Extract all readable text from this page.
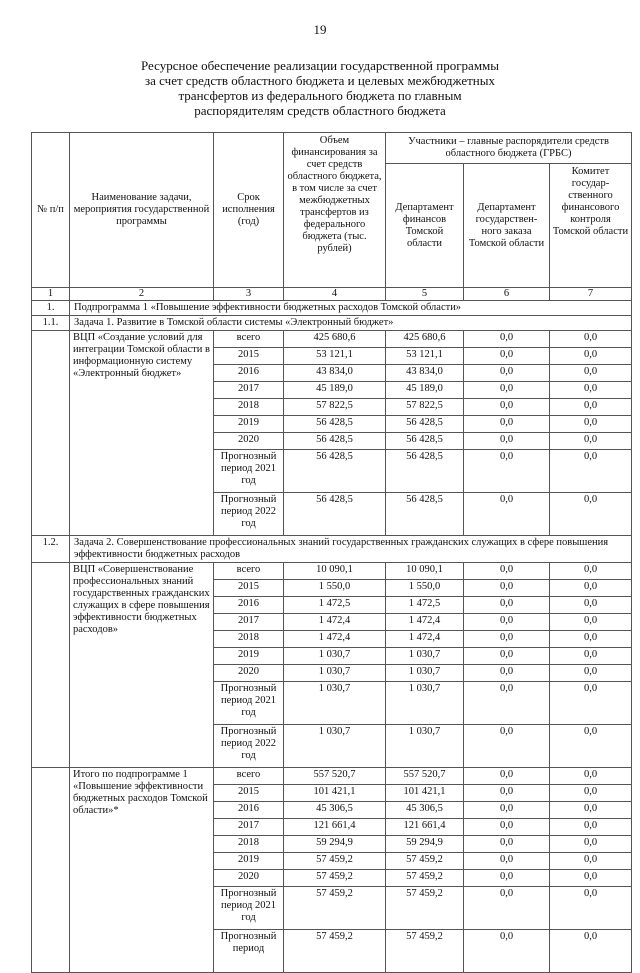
19
Ресурсное обеспечение реализации государственной программы
за счет средств областного бюджета и целевых межбюджетных
трансфертов из федерального бюджета по главным
распорядителям средств областного бюджета
№ п/п	Наименование задачи, мероприятия государственной программы	Срок исполнения (год)	Объем финансирования за счет средств областного бюджета, в том числе за счет межбюджетных трансфертов из федерального бюджета (тыс. рублей)	Участники – главные распорядители средств областного бюджета (ГРБС)		
				Департамент финансов Томской области	Департамент государствен-ного заказа Томской области	Комитет государ-ственного финансового контроля Томской области
1	2	3	4	5	6	7
1.	Подпрограмма 1 «Повышение эффективности бюджетных расходов Томской области»					
1.1.	Задача 1. Развитие в Томской области системы «Электронный бюджет»					
	ВЦП «Создание условий для интеграции Томской области в информационную систему «Электронный бюджет»	всего	425 680,6	425 680,6	0,0	0,0
		2015	53 121,1	53 121,1	0,0	0,0
		2016	43 834,0	43 834,0	0,0	0,0
		2017	45 189,0	45 189,0	0,0	0,0
		2018	57 822,5	57 822,5	0,0	0,0
		2019	56 428,5	56 428,5	0,0	0,0
		2020	56 428,5	56 428,5	0,0	0,0
		Прогнозный период 2021 год	56 428,5	56 428,5	0,0	0,0
		Прогнозный период 2022 год	56 428,5	56 428,5	0,0	0,0
1.2.	Задача 2. Совершенствование профессиональных знаний государственных гражданских служащих в сфере повышения эффективности бюджетных расходов					
	ВЦП «Совершенствование профессиональных знаний государственных гражданских служащих в сфере повышения эффективности бюджетных расходов»	всего	10 090,1	10 090,1	0,0	0,0
		2015	1 550,0	1 550,0	0,0	0,0
		2016	1 472,5	1 472,5	0,0	0,0
		2017	1 472,4	1 472,4	0,0	0,0
		2018	1 472,4	1 472,4	0,0	0,0
		2019	1 030,7	1 030,7	0,0	0,0
		2020	1 030,7	1 030,7	0,0	0,0
		Прогнозный период 2021 год	1 030,7	1 030,7	0,0	0,0
		Прогнозный период 2022 год	1 030,7	1 030,7	0,0	0,0
	Итого по подпрограмме 1 «Повышение эффективности бюджетных расходов Томской области»*	всего	557 520,7	557 520,7	0,0	0,0
		2015	101 421,1	101 421,1	0,0	0,0
		2016	45 306,5	45 306,5	0,0	0,0
		2017	121 661,4	121 661,4	0,0	0,0
		2018	59 294,9	59 294,9	0,0	0,0
		2019	57 459,2	57 459,2	0,0	0,0
		2020	57 459,2	57 459,2	0,0	0,0
		Прогнозный период 2021 год	57 459,2	57 459,2	0,0	0,0
		Прогнозный период	57 459,2	57 459,2	0,0	0,0
